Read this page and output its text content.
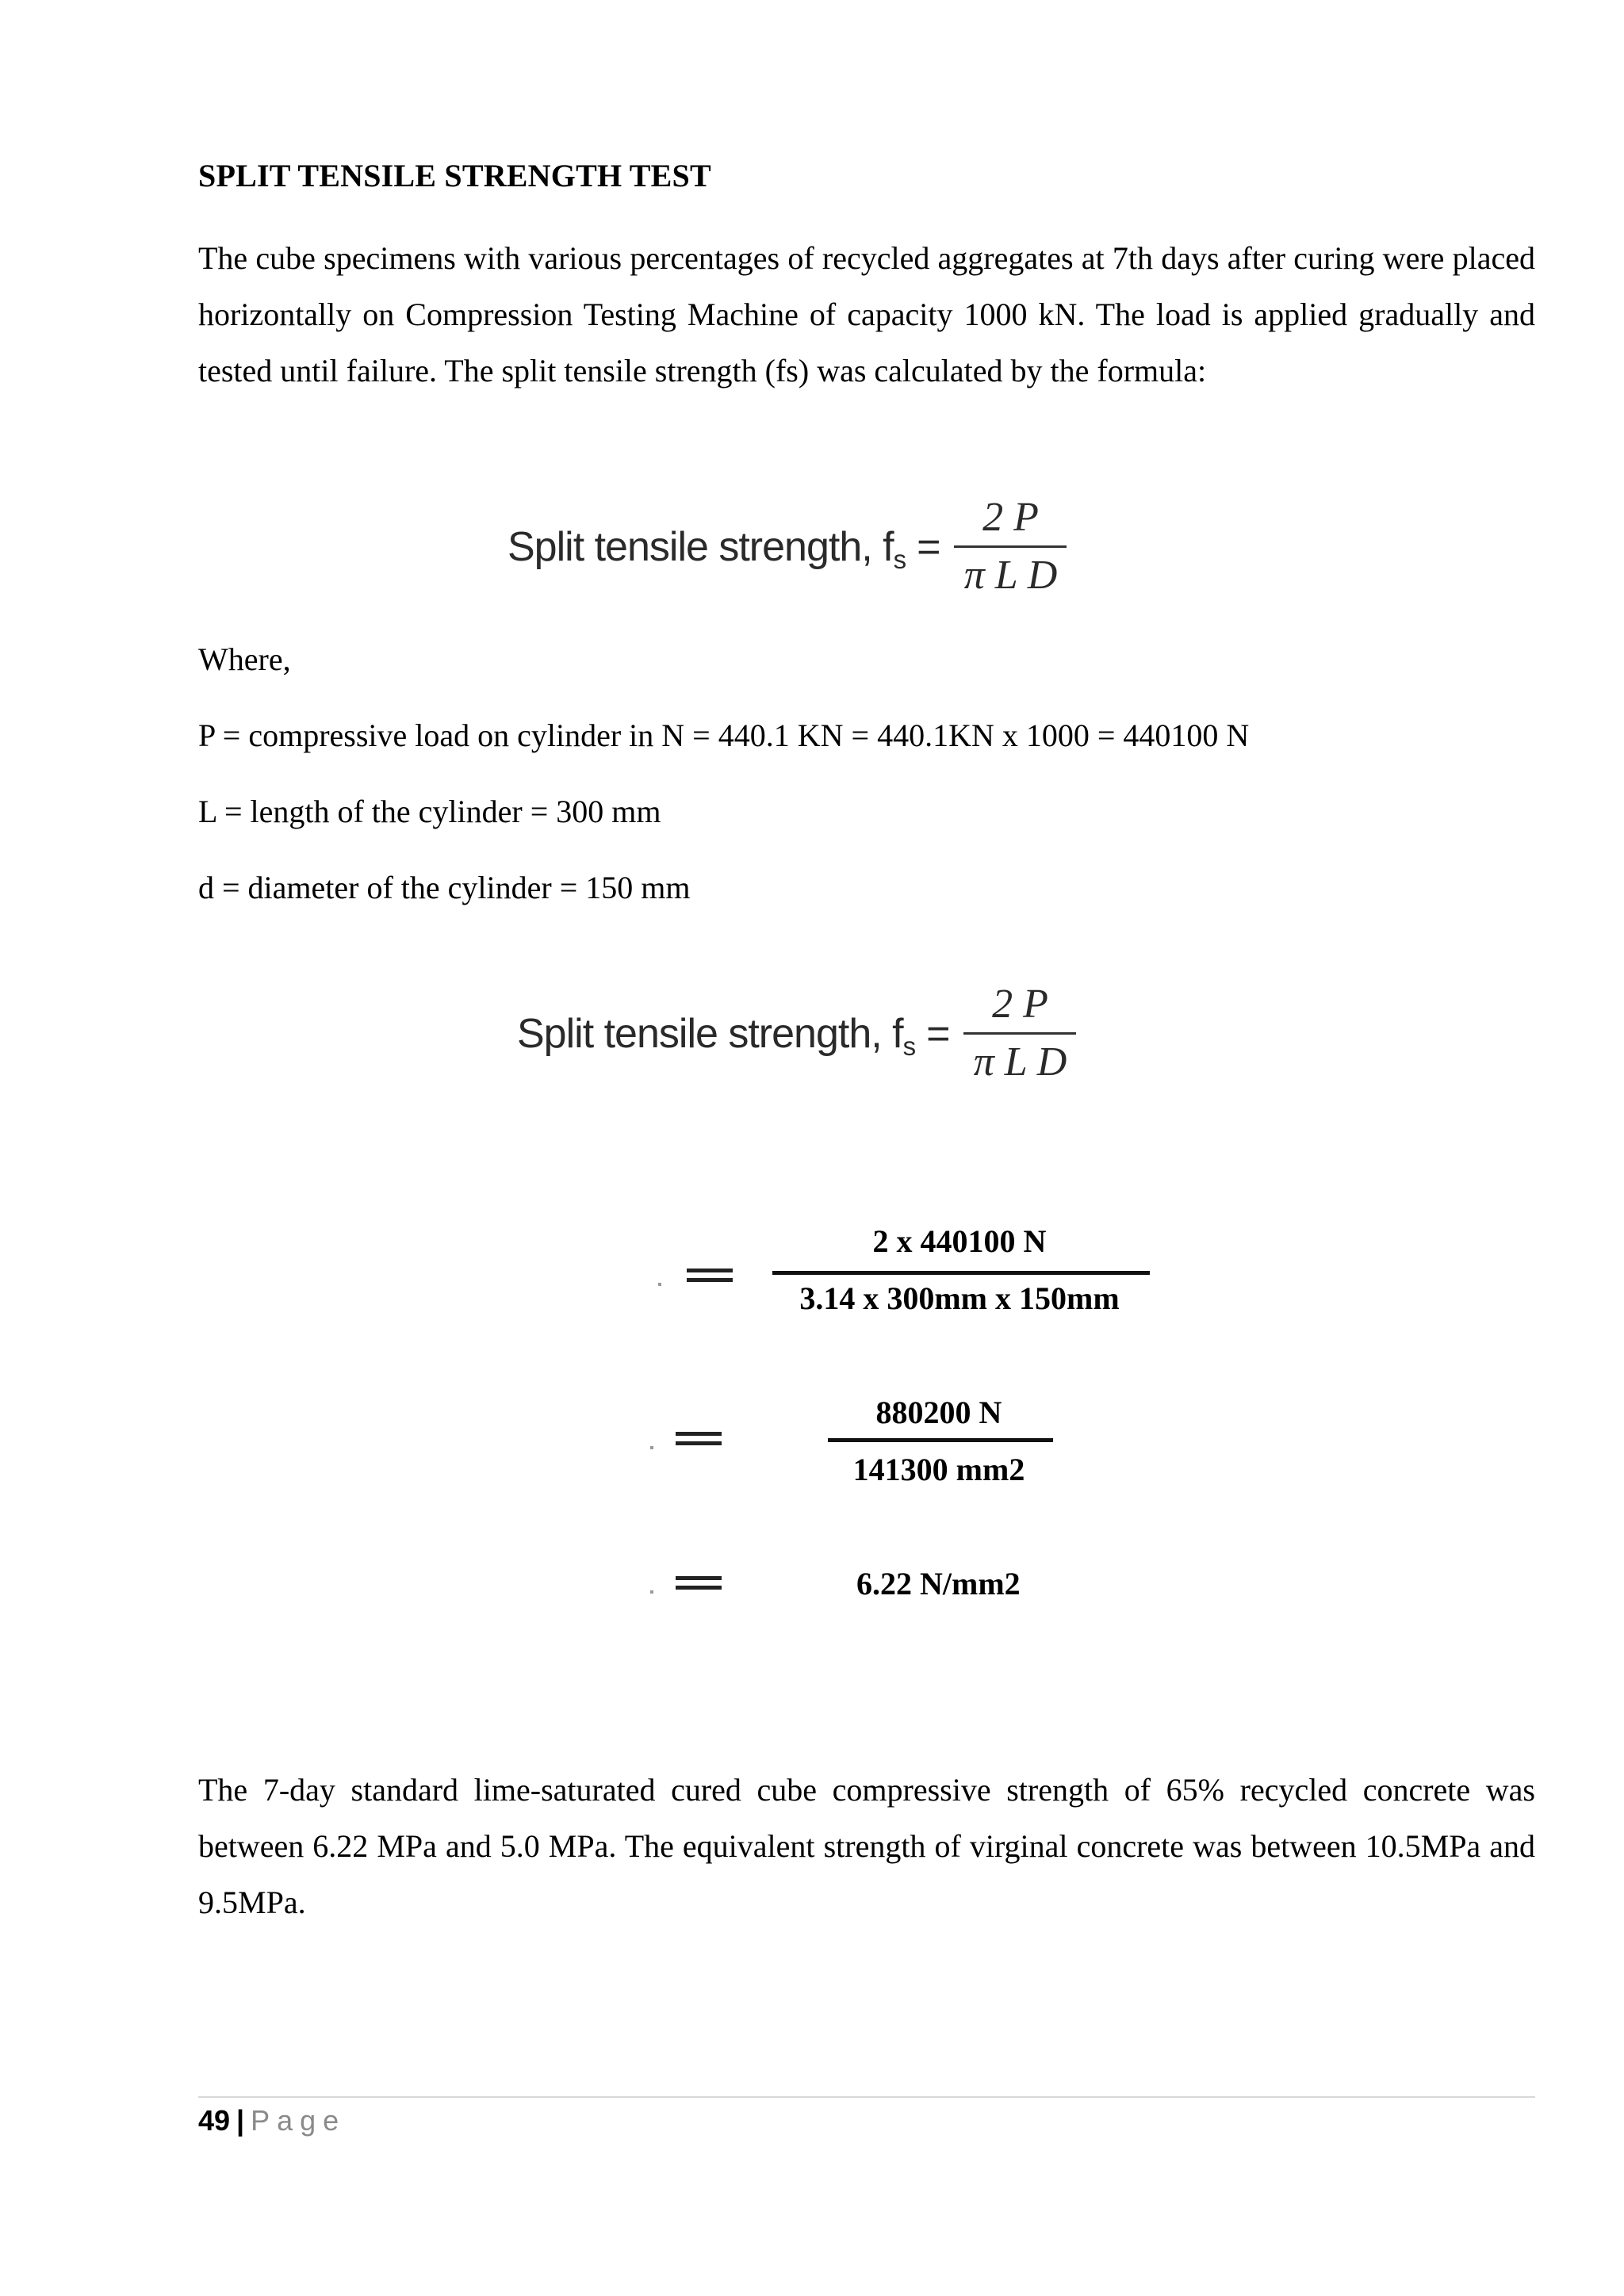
SPLIT TENSILE STRENGTH TEST
The cube specimens with various percentages of recycled aggregates at 7th days after curing were placed horizontally on Compression Testing Machine of capacity 1000 kN. The load is applied gradually and tested until failure. The split tensile strength (fs) was calculated by the formula:
Split tensile strength, f $s = \frac{2 P}{\text{π L D}}$
Where,
P = compressive load on cylinder in N = 440.1 KN = 440.1KN x 1000 = 440100 N
L = length of the cylinder = 300 mm
d = diameter of the cylinder = 150 mm
Split tensile strength, f $s = \frac{2 P}{\text{π L D}}$
2 x 440100 N
3.14 x 300mm x 150mm
880200 N
141300 mm2
6.22 N/mm2
The 7-day standard lime-saturated cured cube compressive strength of 65% recycled concrete was between 6.22 MPa and 5.0 MPa. The equivalent strength of virginal concrete was between 10.5MPa and 9.5MPa.
49 | Page
